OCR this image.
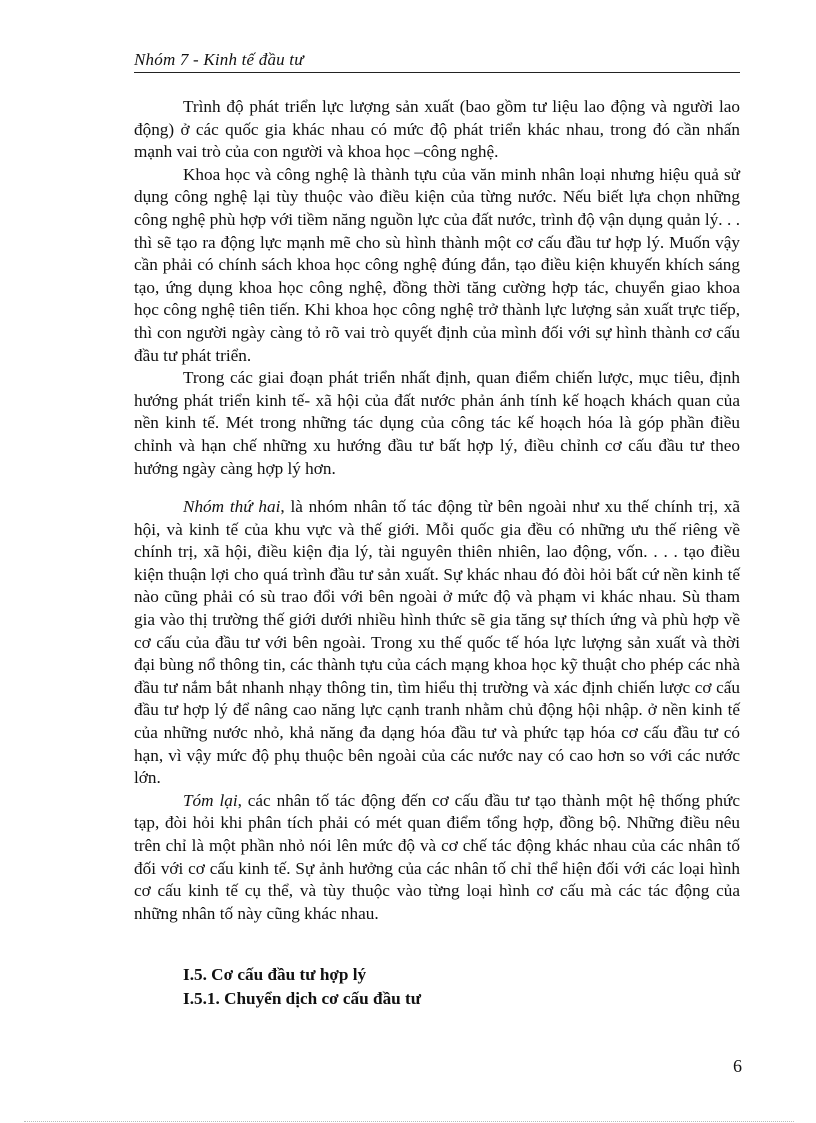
Nhóm 7 - Kinh tế đầu tư

Trình độ phát triển lực lượng sản xuất (bao gồm tư liệu lao động và người lao động) ở các quốc gia khác nhau có mức độ phát triển khác nhau, trong đó cần nhấn mạnh vai trò của con người và khoa học –công nghệ.

Khoa học và công nghệ là thành tựu của văn minh nhân loại nhưng hiệu quả sử dụng công nghệ lại tùy thuộc vào điều kiện của từng nước. Nếu biết lựa chọn những công nghệ phù hợp với tiềm năng nguồn lực của đất nước, trình độ vận dụng quản lý. . . thì sẽ tạo ra động lực mạnh mẽ cho sù hình thành một cơ cấu đầu tư hợp lý. Muốn vậy cần phải có chính sách khoa học công nghệ đúng đắn, tạo điều kiện khuyến khích sáng tạo, ứng dụng khoa học công nghệ, đồng thời tăng cường hợp tác, chuyển giao khoa học công nghệ tiên tiến. Khi khoa học công nghệ trở thành lực lượng sản xuất trực tiếp, thì con người ngày càng tỏ rõ vai trò quyết định của mình đối với sự hình thành cơ cấu đầu tư phát triển.

Trong các giai đoạn phát triển nhất định, quan điểm chiến lược, mục tiêu, định hướng phát triển kinh tế- xã hội của đất nước phản ánh tính kế hoạch khách quan của nền kinh tế. Mét trong những tác dụng của công tác kế hoạch hóa là góp phần điều chỉnh và hạn chế những xu hướng đầu tư bất hợp lý, điều chỉnh cơ cấu đầu tư theo hướng ngày càng hợp lý hơn.

Nhóm thứ hai, là nhóm nhân tố tác động từ bên ngoài như xu thế chính trị, xã hội, và kinh tế của khu vực và thế giới. Mỗi quốc gia đều có những ưu thế riêng về chính trị, xã hội, điều kiện địa lý, tài nguyên thiên nhiên, lao động, vốn. . . . tạo điều kiện thuận lợi cho quá trình đầu tư sản xuất. Sự khác nhau đó đòi hỏi bất cứ nền kinh tế nào cũng phải có sù trao đổi với bên ngoài ở mức độ và phạm vi khác nhau. Sù tham gia vào thị trường thế giới dưới nhiều hình thức sẽ gia tăng sự thích ứng và phù hợp về cơ cấu của đầu tư với bên ngoài. Trong xu thế quốc tế hóa lực lượng sản xuất và thời đại bùng nổ thông tin, các thành tựu của cách mạng khoa học kỹ thuật cho phép các nhà đầu tư nắm bắt nhanh nhạy thông tin, tìm hiểu thị trường và xác định chiến lược cơ cấu đầu tư hợp lý để nâng cao năng lực cạnh tranh nhằm chủ động hội nhập. ở nền kinh tế của những nước nhỏ, khả năng đa dạng hóa đầu tư và phức tạp hóa cơ cấu đầu tư có hạn, vì vậy mức độ phụ thuộc bên ngoài của các nước nay có cao hơn so với các nước lớn.

Tóm lại, các nhân tố tác động đến cơ cấu đầu tư tạo thành một hệ thống phức tạp, đòi hỏi khi phân tích phải có mét quan điểm tổng hợp, đồng bộ. Những điều nêu trên chỉ là một phần nhỏ nói lên mức độ và cơ chế tác động khác nhau của các nhân tố đối với cơ cấu kinh tế. Sự ảnh hưởng của các nhân tố chỉ thể hiện đối với các loại hình cơ cấu kinh tế cụ thể, và tùy thuộc vào từng loại hình cơ cấu mà các tác động của những nhân tố này cũng khác nhau.

I.5. Cơ cấu đầu tư hợp lý

I.5.1. Chuyển dịch cơ cấu đầu tư

6
